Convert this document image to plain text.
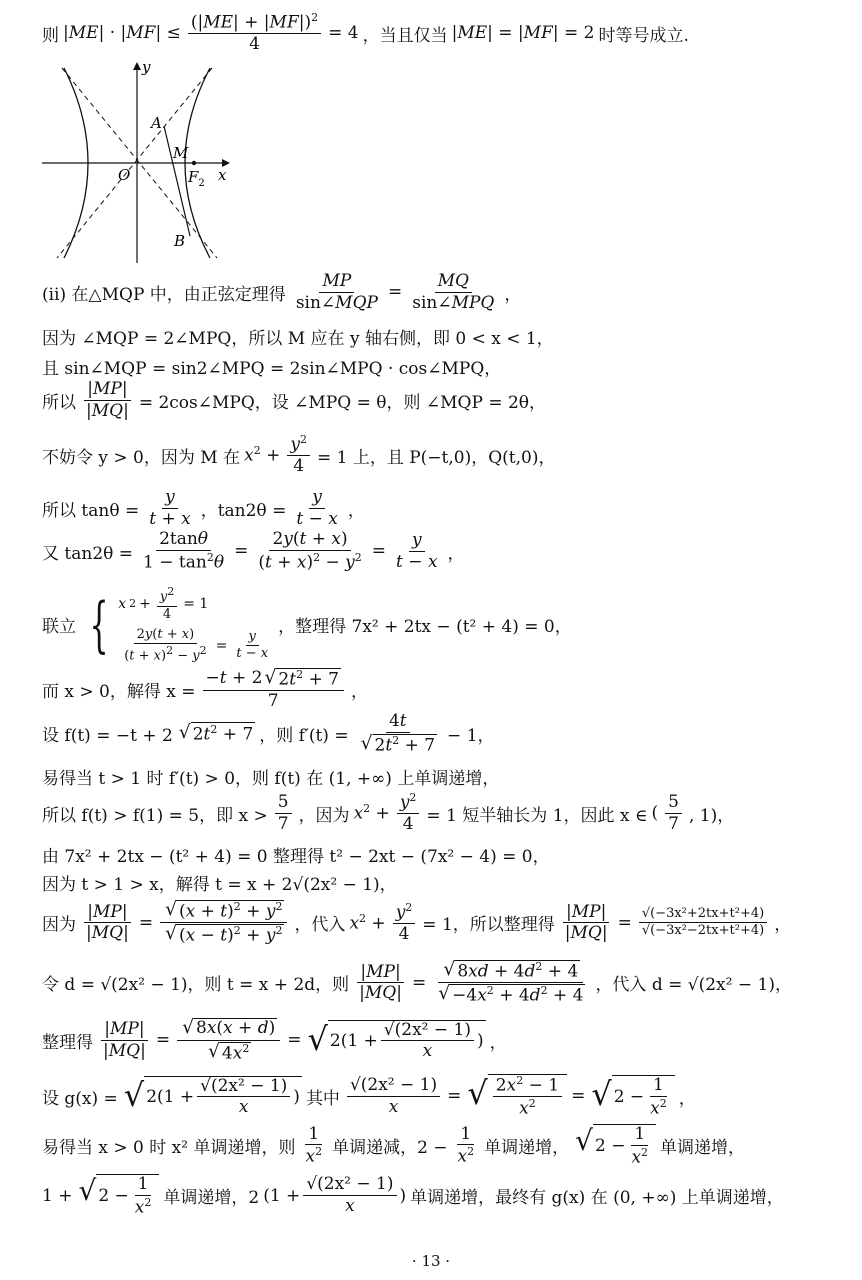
则 $|ME| \cdot |MF| \le \frac{(|ME| + |MF|)^2}{4} = 4$ ，当且仅当 |ME| = |MF| = 2 时等号成立.
y
x
O
A
M
$F_2$
B
(ⅱ) 在△MQP 中，由正弦定理得 $\frac{MP}{\text{sin∠MQP}} = \frac{MQ}{\text{sin∠MPQ}}$ ，
因为 ∠MQP = 2∠MPQ，所以 M 应在 y 轴右侧，即 0 < x < 1，
且 sin∠MQP = sin2∠MPQ = 2sin∠MPQ · cos∠MPQ，
所以 $\frac{|MP|}{|MQ|}$ = 2cos∠MPQ，设 ∠MPQ = θ，则 ∠MQP = 2θ，
不妨令 y > 0，因为 M 在 $x^2 + \frac{y^2}{4} = 1$ 上，且 P(−t,0)，Q(t,0)，
所以 $\tan\theta = \frac{y}{t + x}$ ，$\tan 2\theta = \frac{y}{t - x}$ ，
又 $\tan 2\theta = \frac{2\tan\theta}{1 - \tan^2\theta} = \frac{2y(t + x)}{(t + x)^2 - y^2} = \frac{y}{t - x}$ ，
联立 { x $2 + \frac{y^2}{4} = 1$
$\frac{2y(t + x)}{(t + x)^2 - y^2} = \frac{y}{t - x}$
，整理得 7x² + 2tx − (t² + 4) = 0，
而 x > 0，解得 $x = \frac{-t + 2 √ 2t^2 + 7}{7}$ ，
设 f(t) = −t + 2 √ $2t^2 + 7$ ，则 $f'(t) = \frac{4t}{√ 2t^2 + 7} - 1$，
易得当 t > 1 时 f′(t) > 0，则 f(t) 在 (1, +∞) 上单调递增，
所以 f(t) > f(1) = 5，即 $x > \frac{5}{7}$ ，因为 $x^2 + \frac{y^2}{4} = 1$ 短半轴长为 1，因此 x ∈ ( $\frac{5}{7}$ , 1)，
由 7x² + 2tx − (t² + 4) = 0 整理得 t² − 2xt − (7x² − 4) = 0，
因为 t > 1 > x，解得 t = x + 2√(2x² − 1)，
因为 $\frac{|MP|}{|MQ|} = \frac{√ (x + t)^2 + y^2}{√ (x - t)^2 + y^2}$ ，代入 $x^2 + \frac{y^2}{4} = 1$，所以整理得 $\frac{|MP|}{|MQ|} = \frac{\text{√(−3x²+2tx+t²+4)}}{\text{√(−3x²−2tx+t²+4)}}$ ，
令 d = √(2x² − 1)，则 t = x + 2d，则 $\frac{|MP|}{|MQ|} = \frac{√ 8xd + 4d^2 + 4}{√ -4x^2 + 4d^2 + 4}$ ，代入 d = √(2x² − 1)，
整理得 $\frac{|MP|}{|MQ|} = \frac{√ 8x(x + d)}{√ 4x^2}$ = √ $2(1 + \frac{\text{√(2x² − 1)}}{x}$ ) ，
设 g(x) = √ $2(1 + \frac{\text{√(2x² − 1)}}{x}$ ) 其中 $\frac{\text{√(2x² − 1)}}{x}$ = √ $\frac{2x^2 - 1}{x^2}$ = √ $2 - \frac{1}{x^2}$ ，
易得当 x > 0 时 x² 单调递增，则 $\frac{1}{x^2}$ 单调递减，$2 - \frac{1}{x^2}$ 单调递增， √ $2 - \frac{1}{x^2}$ 单调递增，
1 + √ $2 - \frac{1}{x^2}$ 单调递增，2 ($1 + \frac{\text{√(2x² − 1)}}{x}$ ) 单调递增，最终有 g(x) 在 (0, +∞) 上单调递增，
· 13 ·
